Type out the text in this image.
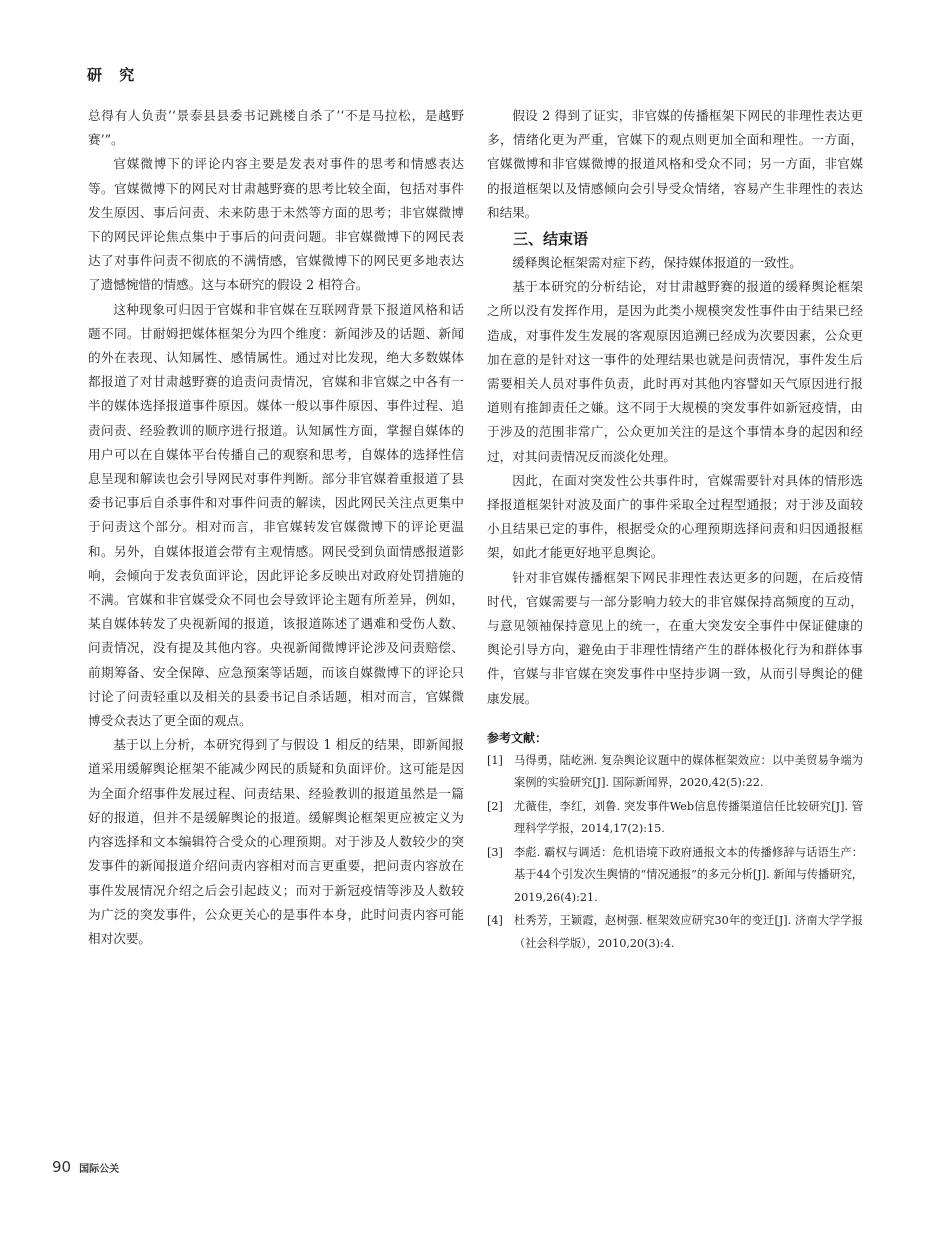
研 究

总得有人负责’‘景泰县县委书记跳楼自杀了’‘不是马拉松，是越野赛’”。

官媒微博下的评论内容主要是发表对事件的思考和情感表达等。官媒微博下的网民对甘肃越野赛的思考比较全面，包括对事件发生原因、事后问责、未来防患于未然等方面的思考；非官媒微博下的网民评论焦点集中于事后的问责问题。非官媒微博下的网民表达了对事件问责不彻底的不满情感，官媒微博下的网民更多地表达了遗憾惋惜的情感。这与本研究的假设 2 相符合。

这种现象可归因于官媒和非官媒在互联网背景下报道风格和话题不同。甘耐姆把媒体框架分为四个维度：新闻涉及的话题、新闻的外在表现、认知属性、感情属性。通过对比发现，绝大多数媒体都报道了对甘肃越野赛的追责问责情况，官媒和非官媒之中各有一半的媒体选择报道事件原因。媒体一般以事件原因、事件过程、追责问责、经验教训的顺序进行报道。认知属性方面，掌握自媒体的用户可以在自媒体平台传播自己的观察和思考，自媒体的选择性信息呈现和解读也会引导网民对事件判断。部分非官媒着重报道了县委书记事后自杀事件和对事件问责的解读，因此网民关注点更集中于问责这个部分。相对而言，非官媒转发官媒微博下的评论更温和。另外，自媒体报道会带有主观情感。网民受到负面情感报道影响，会倾向于发表负面评论，因此评论多反映出对政府处罚措施的不满。官媒和非官媒受众不同也会导致评论主题有所差异，例如，某自媒体转发了央视新闻的报道，该报道陈述了遇难和受伤人数、问责情况，没有提及其他内容。央视新闻微博评论涉及问责赔偿、前期筹备、安全保障、应急预案等话题，而该自媒微博下的评论只讨论了问责轻重以及相关的县委书记自杀话题，相对而言，官媒微博受众表达了更全面的观点。

基于以上分析，本研究得到了与假设 1 相反的结果，即新闻报道采用缓解舆论框架不能减少网民的质疑和负面评价。这可能是因为全面介绍事件发展过程、问责结果、经验教训的报道虽然是一篇好的报道，但并不是缓解舆论的报道。缓解舆论框架更应被定义为内容选择和文本编辑符合受众的心理预期。对于涉及人数较少的突发事件的新闻报道介绍问责内容相对而言更重要，把问责内容放在事件发展情况介绍之后会引起歧义；而对于新冠疫情等涉及人数较为广泛的突发事件，公众更关心的是事件本身，此时问责内容可能相对次要。

假设 2 得到了证实，非官媒的传播框架下网民的非理性表达更多，情绪化更为严重，官媒下的观点则更加全面和理性。一方面，官媒微博和非官媒微博的报道风格和受众不同；另一方面，非官媒的报道框架以及情感倾向会引导受众情绪，容易产生非理性的表达和结果。

三、结束语

缓释舆论框架需对症下药，保持媒体报道的一致性。

基于本研究的分析结论，对甘肃越野赛的报道的缓释舆论框架之所以没有发挥作用，是因为此类小规模突发性事件由于结果已经造成，对事件发生发展的客观原因追溯已经成为次要因素，公众更加在意的是针对这一事件的处理结果也就是问责情况，事件发生后需要相关人员对事件负责，此时再对其他内容譬如天气原因进行报道则有推卸责任之嫌。这不同于大规模的突发事件如新冠疫情，由于涉及的范围非常广，公众更加关注的是这个事情本身的起因和经过，对其问责情况反而淡化处理。

因此，在面对突发性公共事件时，官媒需要针对具体的情形选择报道框架针对波及面广的事件采取全过程型通报；对于涉及面较小且结果已定的事件，根据受众的心理预期选择问责和归因通报框架，如此才能更好地平息舆论。

针对非官媒传播框架下网民非理性表达更多的问题，在后疫情时代，官媒需要与一部分影响力较大的非官媒保持高频度的互动，与意见领袖保持意见上的统一，在重大突发安全事件中保证健康的舆论引导方向，避免由于非理性情绪产生的群体极化行为和群体事件，官媒与非官媒在突发事件中坚持步调一致，从而引导舆论的健康发展。

参考文献：
[1] 马得勇，陆屹洲. 复杂舆论议题中的媒体框架效应：以中美贸易争端为案例的实验研究[J]. 国际新闻界，2020,42(5):22.
[2] 尤薇佳，李红，刘鲁. 突发事件Web信息传播渠道信任比较研究[J]. 管理科学学报，2014,17(2):15.
[3] 李彪. 霸权与调适：危机语境下政府通报文本的传播修辞与话语生产：基于44个引发次生舆情的“情况通报”的多元分析[J]. 新闻与传播研究，2019,26(4):21.
[4] 杜秀芳，王颖霞，赵树强. 框架效应研究30年的变迁[J]. 济南大学学报（社会科学版），2010,20(3):4.
90 国际公关
